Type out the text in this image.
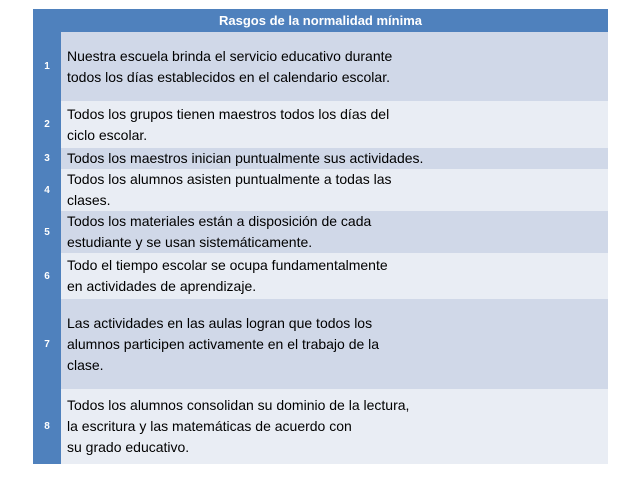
Rasgos de la normalidad mínima	
1	Nuestra escuela brinda el servicio educativo durante
todos los días establecidos en el calendario escolar.
2	Todos los grupos tienen maestros todos los días del
ciclo escolar.
3	Todos los maestros inician puntualmente sus actividades.
4	Todos los alumnos asisten puntualmente a todas las
clases.
5	Todos los materiales están a disposición de cada
estudiante y se usan sistemáticamente.
6	Todo el tiempo escolar se ocupa fundamentalmente
en actividades de aprendizaje.
7	Las actividades en las aulas logran que todos los
alumnos participen activamente en el trabajo de la
clase.
8	Todos los alumnos consolidan su dominio de la lectura,
la escritura y las matemáticas de acuerdo con
su grado educativo.
